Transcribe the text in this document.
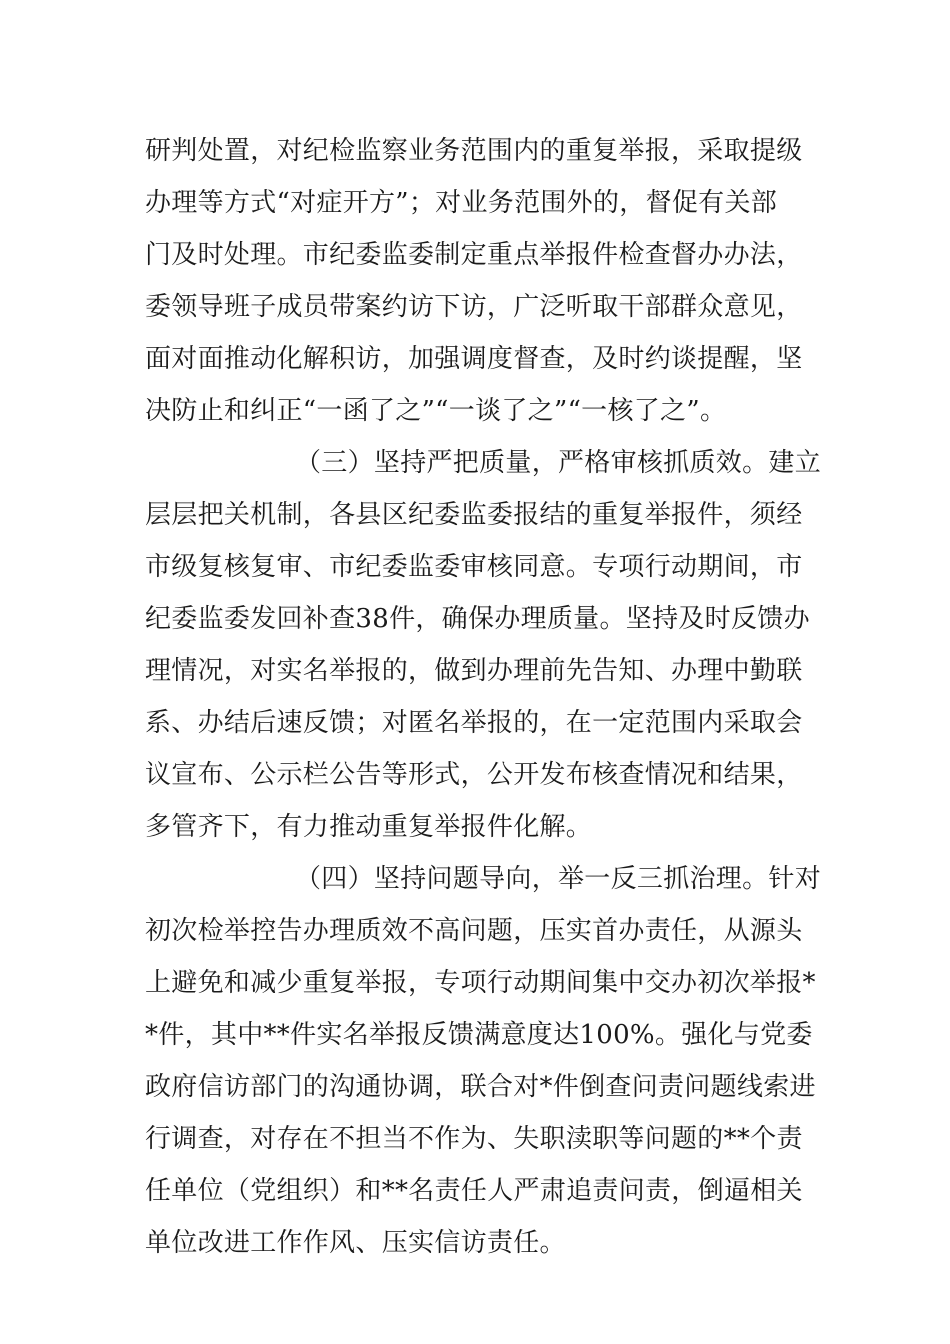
研判处置，对纪检监察业务范围内的重复举报，采取提级
办理等方式“对症开方”；对业务范围外的，督促有关部
门及时处理。市纪委监委制定重点举报件检查督办办法，
委领导班子成员带案约访下访，广泛听取干部群众意见，
面对面推动化解积访，加强调度督查，及时约谈提醒，坚
决防止和纠正“一函了之”“一谈了之”“一核了之”。
（三）坚持严把质量，严格审核抓质效。建立
层层把关机制，各县区纪委监委报结的重复举报件，须经
市级复核复审、市纪委监委审核同意。专项行动期间，市
纪委监委发回补查38件，确保办理质量。坚持及时反馈办
理情况，对实名举报的，做到办理前先告知、办理中勤联
系、办结后速反馈；对匿名举报的，在一定范围内采取会
议宣布、公示栏公告等形式，公开发布核查情况和结果，
多管齐下，有力推动重复举报件化解。
（四）坚持问题导向，举一反三抓治理。针对
初次检举控告办理质效不高问题，压实首办责任，从源头
上避免和减少重复举报，专项行动期间集中交办初次举报*
*件，其中**件实名举报反馈满意度达100%。强化与党委
政府信访部门的沟通协调，联合对*件倒查问责问题线索进
行调查，对存在不担当不作为、失职渎职等问题的**个责
任单位（党组织）和**名责任人严肃追责问责，倒逼相关
单位改进工作作风、压实信访责任。
